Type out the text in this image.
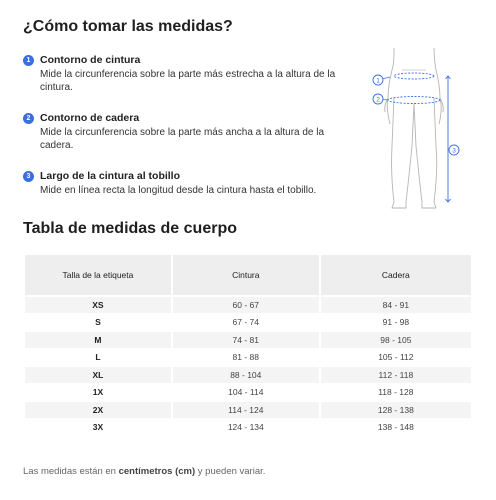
¿Cómo tomar las medidas?
1 Contorno de cintura
Mide la circunferencia sobre la parte más estrecha a la altura de la cintura.
2 Contorno de cadera
Mide la circunferencia sobre la parte más ancha a la altura de la cadera.
3 Largo de la cintura al tobillo
Mide en línea recta la longitud desde la cintura hasta el tobillo.
1
2
3
Tabla de medidas de cuerpo
Talla de la etiqueta	Cintura	Cadera
XS	60 - 67	84 - 91
S	67 - 74	91 - 98
M	74 - 81	98 - 105
L	81 - 88	105 - 112
XL	88 - 104	112 - 118
1X	104 - 114	118 - 128
2X	114 - 124	128 - 138
3X	124 - 134	138 - 148
Las medidas están en centímetros (cm) y pueden variar.
